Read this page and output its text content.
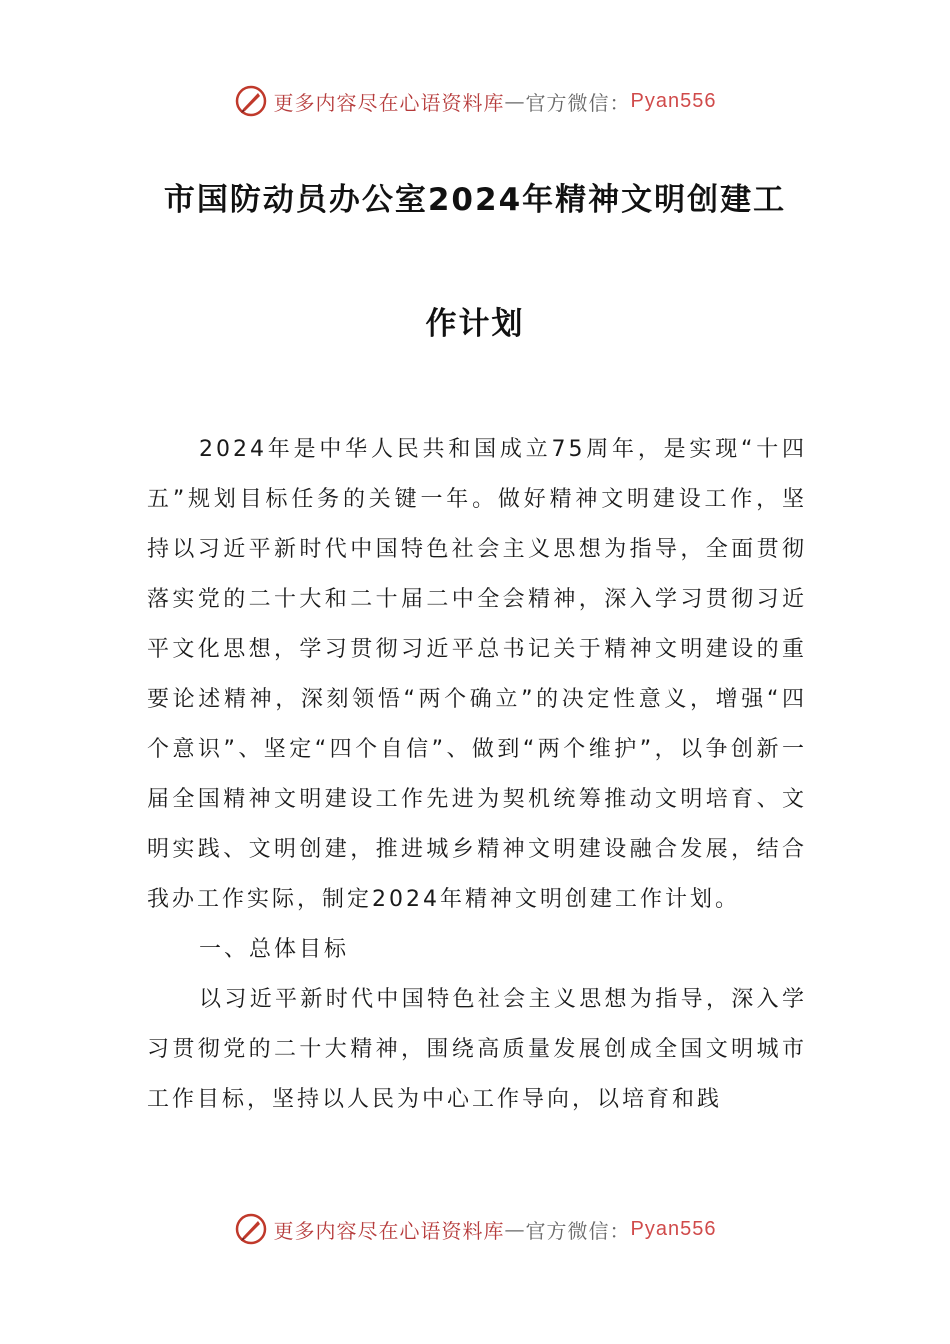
更多内容尽在心语资料库 — 官方微信： Pyan556
市国防动员办公室2024年精神文明创建工
作计划

2024年是中华人民共和国成立75周年，是实现“十四五”规划目标任务的关键一年。做好精神文明建设工作，坚持以习近平新时代中国特色社会主义思想为指导，全面贯彻落实党的二十大和二十届二中全会精神，深入学习贯彻习近平文化思想，学习贯彻习近平总书记关于精神文明建设的重要论述精神，深刻领悟“两个确立”的决定性意义，增强“四个意识”、坚定“四个自信”、做到“两个维护”，以争创新一届全国精神文明建设工作先进为契机统筹推动文明培育、文明实践、文明创建，推进城乡精神文明建设融合发展，结合我办工作实际，制定2024年精神文明创建工作计划。

一、总体目标

以习近平新时代中国特色社会主义思想为指导，深入学习贯彻党的二十大精神，围绕高质量发展创成全国文明城市工作目标，坚持以人民为中心工作导向，以培育和践

更多内容尽在心语资料库 — 官方微信： Pyan556
